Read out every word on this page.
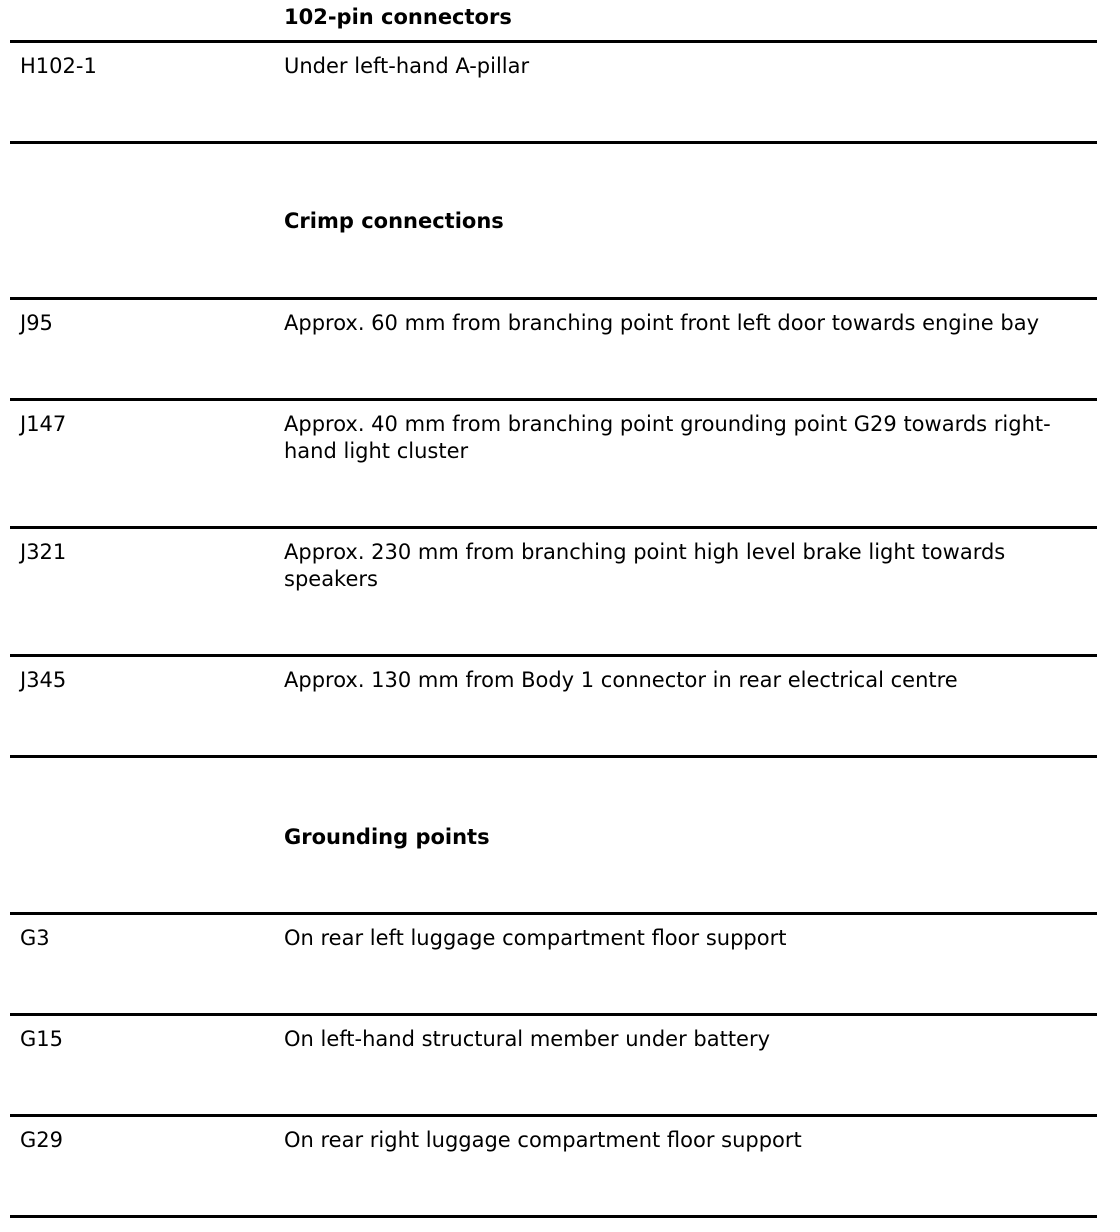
102-pin connectors
H102-1	Under left-hand A-pillar
Crimp connections
J95	Approx. 60 mm from branching point front left door towards engine bay
J147	Approx. 40 mm from branching point grounding point G29 towards right-hand light cluster
J321	Approx. 230 mm from branching point high level brake light towards speakers
J345	Approx. 130 mm from Body 1 connector in rear electrical centre
Grounding points
G3	On rear left luggage compartment floor support
G15	On left-hand structural member under battery
G29	On rear right luggage compartment floor support
